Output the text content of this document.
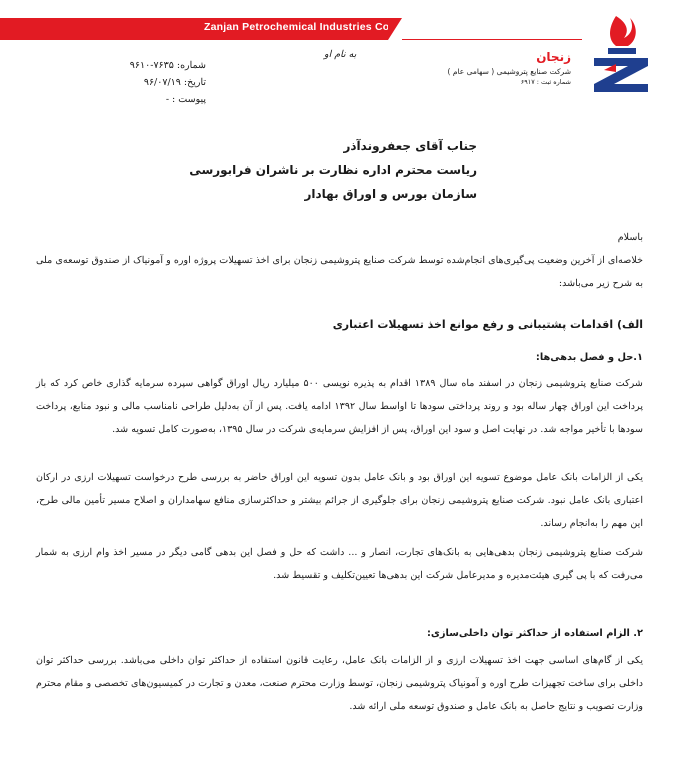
Zanjan Petrochemical Industries Co.
زنجان
شرکت صنایع پتروشیمی ( سهامی عام )
شماره ثبت : ۶۹۱۷
به نام او
شماره: ۷۶۳۵-۹۶۱۰
تاریخ: ۹۶/۰۷/۱۹
پیوست : -
جناب آقای جعفروندآذر
ریاست محترم اداره نظارت بر ناشران فرابورسی
سازمان بورس و اوراق بهادار
باسلام
خلاصه‌ای از آخرین وضعیت پی‌گیری‌های انجام‌شده توسط شرکت صنایع پتروشیمی زنجان برای اخذ تسهیلات پروژه اوره و آمونیاک از صندوق توسعه‌ی ملی به شرح زیر می‌باشد:
الف) اقدامات پشتیبانی و رفع موانع اخذ تسهیلات اعتباری
۱.حل و فصل بدهی‌ها:
شرکت صنایع پتروشیمی زنجان در اسفند ماه سال ۱۳۸۹ اقدام به پذیره نویسی ۵۰۰ میلیارد ریال اوراق گواهی سپرده سرمایه گذاری خاص کرد که باز پرداخت این اوراق چهار ساله بود و روند پرداختی سودها تا اواسط سال ۱۳۹۲ ادامه یافت. پس از آن به‌دلیل طراحی نامناسب مالی و نبود منابع، پرداخت سودها با تأخیر مواجه شد. در نهایت اصل و سود این اوراق، پس از افزایش سرمایه‌ی شرکت در سال ۱۳۹۵، به‌صورت کامل تسویه شد.
یکی از الزامات بانک عامل موضوع تسویه این اوراق بود و بانک عامل بدون تسویه این اوراق حاضر به بررسی طرح درخواست تسهیلات ارزی در ارکان اعتباری بانک عامل نبود. شرکت صنایع پتروشیمی زنجان برای جلوگیری از جرائم بیشتر و حداکثرسازی منافع سهامداران و اصلاح مسیر تأمین مالی طرح، این مهم را به‌انجام رساند.
شرکت صنایع پتروشیمی زنجان بدهی‌هایی به بانک‌های تجارت، انصار و ... داشت که حل و فصل این بدهی گامی دیگر در مسیر اخذ وام ارزی به شمار می‌رفت که با پی گیری هیئت‌مدیره و مدیرعامل شرکت این بدهی‌ها تعیین‌تکلیف و تقسیط شد.
۲. الزام استفاده از حداکثر توان داخلی‌سازی:
یکی از گام‌های اساسی جهت اخذ تسهیلات ارزی و از الزامات بانک عامل، رعایت قانون استفاده از حداکثر توان داخلی می‌باشد. بررسی حداکثر توان داخلی برای ساخت تجهیزات طرح اوره و آمونیاک پتروشیمی زنجان، توسط وزارت محترم صنعت، معدن و تجارت در کمیسیون‌های تخصصی و مقام محترم وزارت تصویب و نتایج حاصل به بانک عامل و صندوق توسعه ملی ارائه شد.
